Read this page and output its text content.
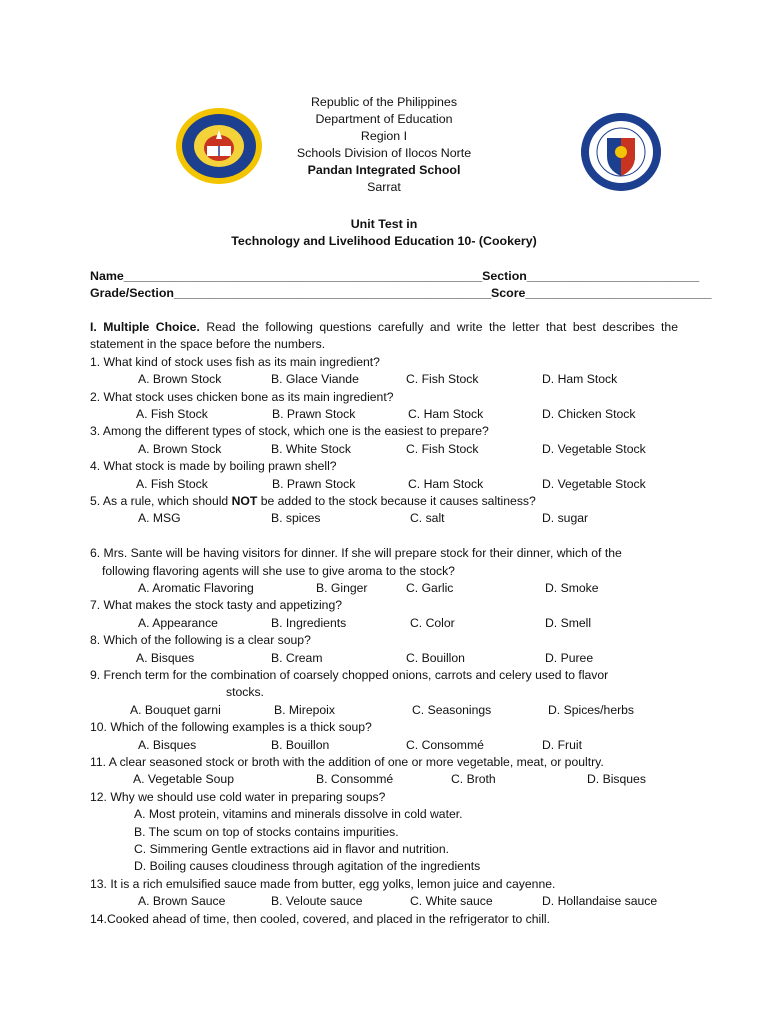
Republic of the Philippines
Department of Education
Region I
Schools Division of Ilocos Norte
Pandan Integrated School
Sarrat
Unit Test in
Technology and Livelihood Education 10- (Cookery)
Name____________________________________________________Section_________________________
Grade/Section______________________________________________Score___________________________

I. Multiple Choice. Read the following questions carefully and write the letter that best describes the statement in the space before the numbers.

1. What kind of stock uses fish as its main ingredient?

A. Brown Stock	B. Glace Viande	C. Fish Stock	D. Ham Stock

2. What stock uses chicken bone as its main ingredient?

A. Fish Stock	B. Prawn Stock	C. Ham Stock	D. Chicken Stock

3. Among the different types of stock, which one is the easiest to prepare?

A. Brown Stock	B. White Stock	C. Fish Stock	D. Vegetable Stock

4. What stock is made by boiling prawn shell?

A. Fish Stock	B. Prawn Stock	C. Ham Stock	D. Vegetable Stock

5. As a rule, which should NOT be added to the stock because it causes saltiness?

A. MSG	B. spices	C. salt	D. sugar

6. Mrs. Sante will be having visitors for dinner. If she will prepare stock for their dinner, which of the
following flavoring agents will she use to give aroma to the stock?

A. Aromatic Flavoring	B. Ginger	C. Garlic	D. Smoke

7. What makes the stock tasty and appetizing?

A. Appearance	B. Ingredients	C. Color	D. Smell

8. Which of the following is a clear soup?

A. Bisques	B. Cream	C. Bouillon	D. Puree

9. French term for the combination of coarsely chopped onions, carrots and celery used to flavor
stocks.

A. Bouquet garni	B. Mirepoix	C. Seasonings	D. Spices/herbs

10. Which of the following examples is a thick soup?

A. Bisques	B. Bouillon	C. Consommé	D. Fruit

11. A clear seasoned stock or broth with the addition of one or more vegetable, meat, or poultry.

A. Vegetable Soup	B. Consommé	C. Broth	D. Bisques

12. Why we should use cold water in preparing soups?

A. Most protein, vitamins and minerals dissolve in cold water.
B. The scum on top of stocks contains impurities.
C. Simmering Gentle extractions aid in flavor and nutrition.
D. Boiling causes cloudiness through agitation of the ingredients

13. It is a rich emulsified sauce made from butter, egg yolks, lemon juice and cayenne.

A. Brown Sauce	B. Veloute sauce	C. White sauce	D. Hollandaise sauce

14.Cooked ahead of time, then cooled, covered, and placed in the refrigerator to chill.
